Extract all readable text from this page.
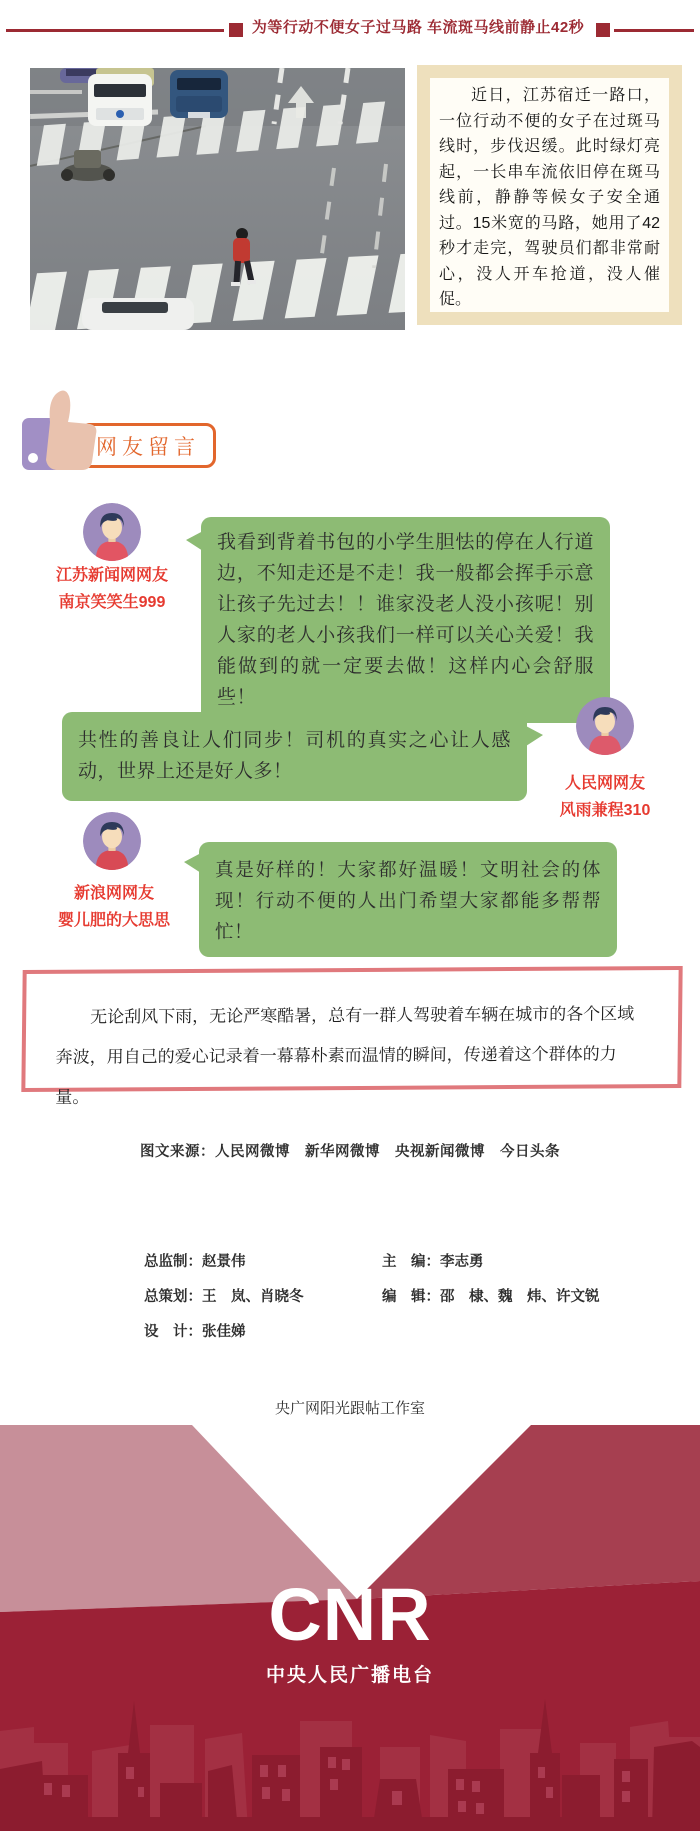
为等行动不便女子过马路 车流斑马线前静止42秒

近日，江苏宿迁一路口，一位行动不便的女子在过斑马线时，步伐迟缓。此时绿灯亮起，一长串车流依旧停在斑马线前，静静等候女子安全通过。15米宽的马路，她用了42秒才走完，驾驶员们都非常耐心，没人开车抢道，没人催促。

网友留言
江苏新闻网网友
南京笑笑生999
我看到背着书包的小学生胆怯的停在人行道边，不知走还是不走！我一般都会挥手示意让孩子先过去！！谁家没老人没小孩呢！别人家的老人小孩我们一样可以关心关爱！我能做到的就一定要去做！这样内心会舒服些！
共性的善良让人们同步！司机的真实之心让人感动，世界上还是好人多！
人民网网友
风雨兼程310
新浪网网友
婴儿肥的大思思
真是好样的！大家都好温暖！文明社会的体现！行动不便的人出门希望大家都能多帮帮忙！

无论刮风下雨，无论严寒酷暑，总有一群人驾驶着车辆在城市的各个区域奔波，用自己的爱心记录着一幕幕朴素而温情的瞬间，传递着这个群体的力量。

图文来源：人民网微博　新华网微博　央视新闻微博　今日头条
总监制：赵景伟	主　编：李志勇
总策划：王　岚、肖晓冬	编　辑：邵　棣、魏　炜、许文锐
设　计：张佳娣
央广网阳光跟帖工作室
CNR
中央人民广播电台
